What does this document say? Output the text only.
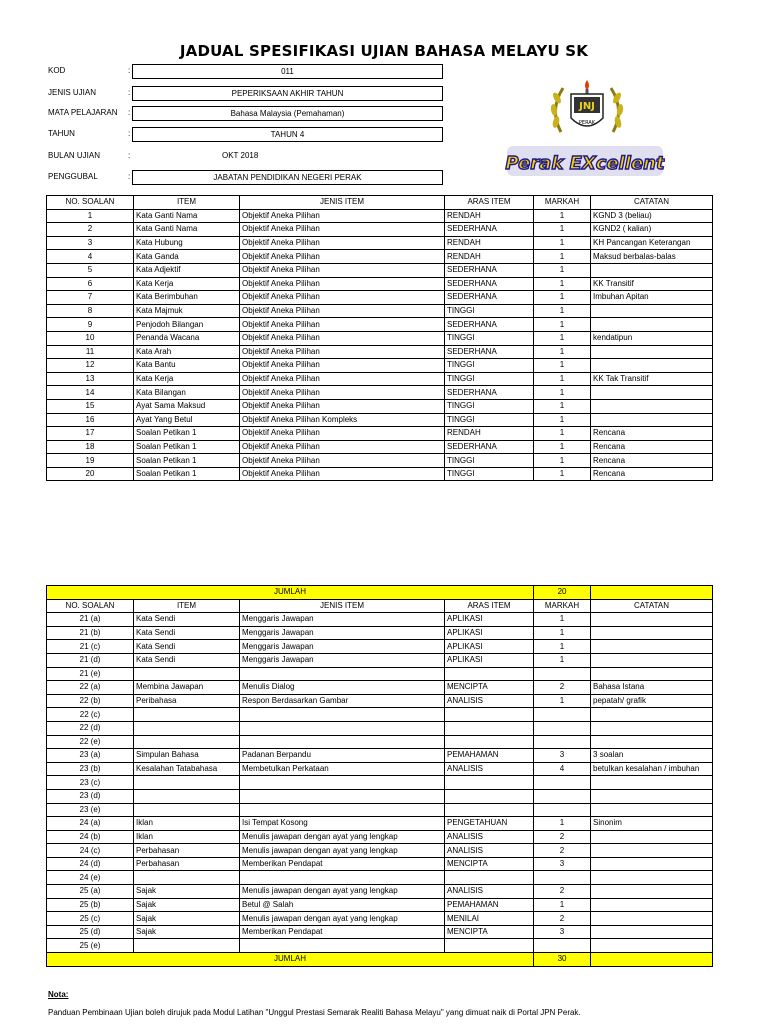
JADUAL SPESIFIKASI UJIAN BAHASA MELAYU SK
KOD	:	011
JENIS UJIAN	:	PEPERIKSAAN AKHIR TAHUN
MATA PELAJARAN :	Bahasa Malaysia (Pemahaman)
TAHUN	:	TAHUN 4
BULAN UJIAN	:	OKT 2018
PENGGUBAL	:	JABATAN PENDIDIKAN NEGERI PERAK
JNJ
PERAK
Perak EXcellent
NO. SOALAN	ITEM	JENIS ITEM	ARAS ITEM	MARKAH	CATATAN
1	Kata Ganti Nama	Objektif Aneka Pilihan	RENDAH	1	KGND 3 (beliau)
2	Kata Ganti Nama	Objektif Aneka Pilihan	SEDERHANA	1	KGND2 ( kalian)
3	Kata Hubung	Objektif Aneka Pilihan	RENDAH	1	KH Pancangan Keterangan
4	Kata Ganda	Objektif Aneka Pilihan	RENDAH	1	Maksud berbalas-balas
5	Kata Adjektif	Objektif Aneka Pilihan	SEDERHANA	1	
6	Kata Kerja	Objektif Aneka Pilihan	SEDERHANA	1	KK Transitif
7	Kata Berimbuhan	Objektif Aneka Pilihan	SEDERHANA	1	Imbuhan Apitan
8	Kata Majmuk	Objektif Aneka Pilihan	TINGGI	1	
9	Penjodoh Bilangan	Objektif Aneka Pilihan	SEDERHANA	1	
10	Penanda Wacana	Objektif Aneka Pilihan	TINGGI	1	kendatipun
11	Kata Arah	Objektif Aneka Pilihan	SEDERHANA	1	
12	Kata Bantu	Objektif Aneka Pilihan	TINGGI	1	
13	Kata Kerja	Objektif Aneka Pilihan	TINGGI	1	KK Tak Transitif
14	Kata Bilangan	Objektif Aneka Pilihan	SEDERHANA	1	
15	Ayat Sama Maksud	Objektif Aneka Pilihan	TINGGI	1	
16	Ayat Yang Betul	Objektif Aneka Pilihan Kompleks	TINGGI	1	
17	Soalan Petikan 1	Objektif Aneka Pilihan	RENDAH	1	Rencana
18	Soalan Petikan 1	Objektif Aneka Pilihan	SEDERHANA	1	Rencana
19	Soalan Petikan 1	Objektif Aneka Pilihan	TINGGI	1	Rencana
20	Soalan Petikan 1	Objektif Aneka Pilihan	TINGGI	1	Rencana
JUMLAH				20	
NO. SOALAN	ITEM	JENIS ITEM	ARAS ITEM	MARKAH	CATATAN
21 (a)	Kata Sendi	Menggaris Jawapan	APLIKASI	1	
21 (b)	Kata Sendi	Menggaris Jawapan	APLIKASI	1	
21 (c)	Kata Sendi	Menggaris Jawapan	APLIKASI	1	
21 (d)	Kata Sendi	Menggaris Jawapan	APLIKASI	1	
21 (e)					
22 (a)	Membina Jawapan	Menulis Dialog	MENCIPTA	2	Bahasa Istana
22 (b)	Peribahasa	Respon Berdasarkan Gambar	ANALISIS	1	pepatah/ grafik
22 (c)					
22 (d)					
22 (e)					
23 (a)	Simpulan Bahasa	Padanan Berpandu	PEMAHAMAN	3	3 soalan
23 (b)	Kesalahan Tatabahasa	Membetulkan Perkataan	ANALISIS	4	betulkan kesalahan / imbuhan
23 (c)					
23 (d)					
23 (e)					
24 (a)	Iklan	Isi Tempat Kosong	PENGETAHUAN	1	Sinonim
24 (b)	Iklan	Menulis jawapan dengan ayat yang lengkap	ANALISIS	2	
24 (c)	Perbahasan	Menulis jawapan dengan ayat yang lengkap	ANALISIS	2	
24 (d)	Perbahasan	Memberikan Pendapat	MENCIPTA	3	
24 (e)					
25 (a)	Sajak	Menulis jawapan dengan ayat yang lengkap	ANALISIS	2	
25 (b)	Sajak	Betul @ Salah	PEMAHAMAN	1	
25 (c)	Sajak	Menulis jawapan dengan ayat yang lengkap	MENILAI	2	
25 (d)	Sajak	Memberikan Pendapat	MENCIPTA	3	
25 (e)					
JUMLAH				30	
Nota:
Panduan Pembinaan Ujian boleh dirujuk pada Modul Latihan "Unggul Prestasi Semarak Realiti Bahasa Melayu" yang dimuat naik di Portal JPN Perak.
